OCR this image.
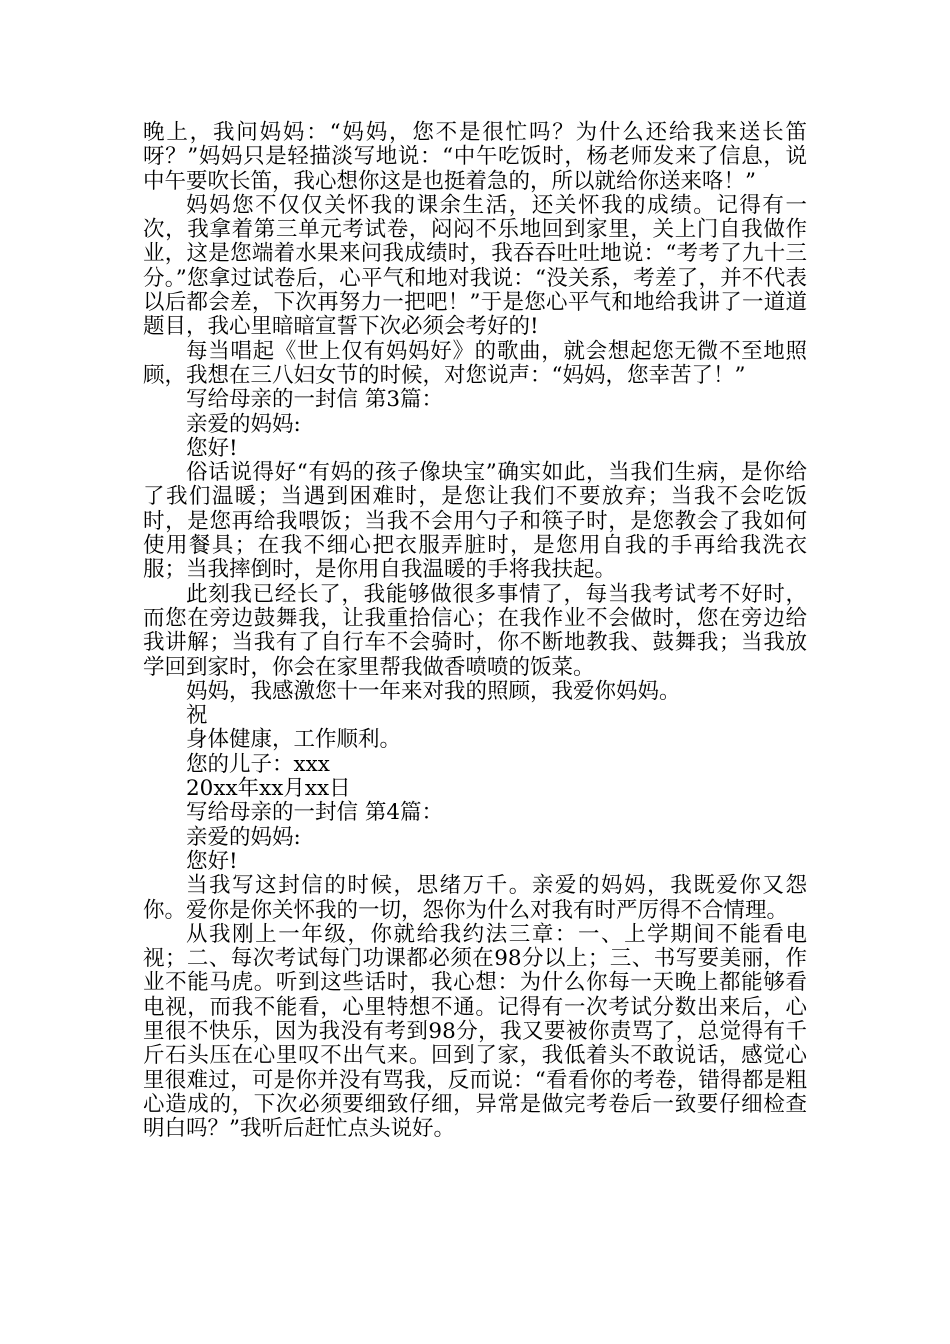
晚上，我问妈妈：“妈妈，您不是很忙吗？为什么还给我来送长笛呀？”妈妈只是轻描淡写地说：“中午吃饭时，杨老师发来了信息，说中午要吹长笛，我心想你这是也挺着急的，所以就给你送来咯！”

妈妈您不仅仅关怀我的课余生活，还关怀我的成绩。记得有一次，我拿着第三单元考试卷，闷闷不乐地回到家里，关上门自我做作业，这是您端着水果来问我成绩时，我吞吞吐吐地说：“考考了九十三分。”您拿过试卷后，心平气和地对我说：“没关系，考差了，并不代表以后都会差，下次再努力一把吧！”于是您心平气和地给我讲了一道道题目，我心里暗暗宣誓下次必须会考好的!

每当唱起《世上仅有妈妈好》的歌曲，就会想起您无微不至地照顾，我想在三八妇女节的时候，对您说声：“妈妈，您幸苦了！”

写给母亲的一封信 第3篇：

亲爱的妈妈:

您好!

俗话说得好“有妈的孩子像块宝”确实如此，当我们生病，是你给了我们温暖；当遇到困难时，是您让我们不要放弃；当我不会吃饭时，是您再给我喂饭；当我不会用勺子和筷子时，是您教会了我如何使用餐具；在我不细心把衣服弄脏时，是您用自我的手再给我洗衣服；当我摔倒时，是你用自我温暖的手将我扶起。

此刻我已经长了，我能够做很多事情了，每当我考试考不好时，而您在旁边鼓舞我，让我重拾信心；在我作业不会做时，您在旁边给我讲解；当我有了自行车不会骑时，你不断地教我、鼓舞我；当我放学回到家时，你会在家里帮我做香喷喷的饭菜。

妈妈，我感激您十一年来对我的照顾，我爱你妈妈。

祝

身体健康，工作顺利。

您的儿子：xxx

20xx年xx月xx日

写给母亲的一封信 第4篇：

亲爱的妈妈:

您好!

当我写这封信的时候，思绪万千。亲爱的妈妈，我既爱你又怨你。爱你是你关怀我的一切，怨你为什么对我有时严厉得不合情理。

从我刚上一年级，你就给我约法三章：一、上学期间不能看电视；二、每次考试每门功课都必须在98分以上；三、书写要美丽，作业不能马虎。听到这些话时，我心想：为什么你每一天晚上都能够看电视，而我不能看，心里特想不通。记得有一次考试分数出来后，心里很不快乐，因为我没有考到98分，我又要被你责骂了，总觉得有千斤石头压在心里叹不出气来。回到了家，我低着头不敢说话，感觉心里很难过，可是你并没有骂我，反而说：“看看你的考卷，错得都是粗心造成的，下次必须要细致仔细，异常是做完考卷后一致要仔细检查明白吗？”我听后赶忙点头说好。
